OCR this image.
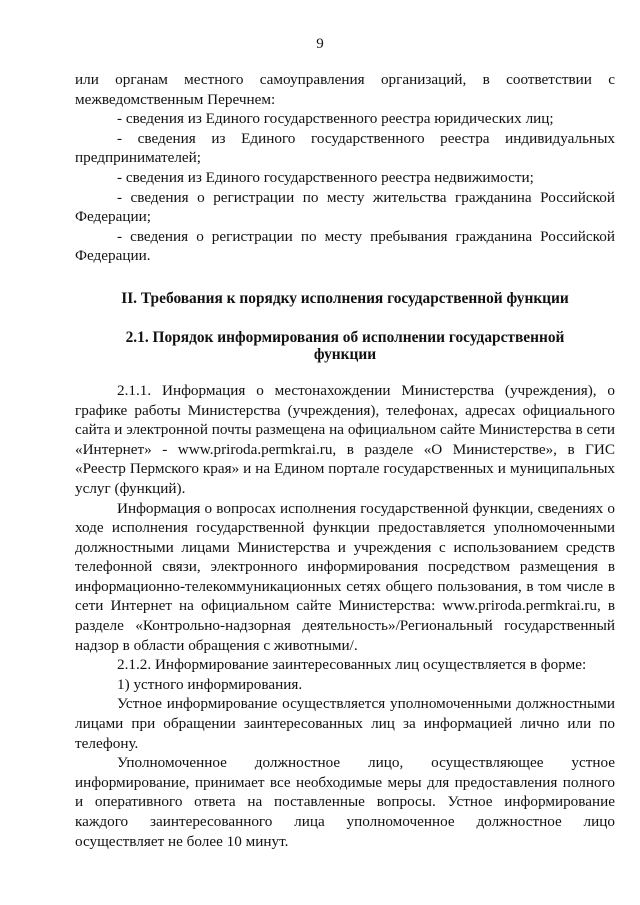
9

или органам местного самоуправления организаций, в соответствии с межведомственным Перечнем:

- сведения из Единого государственного реестра юридических лиц;

- сведения из Единого государственного реестра индивидуальных предпринимателей;

- сведения из Единого государственного реестра недвижимости;

- сведения о регистрации по месту жительства гражданина Российской Федерации;

- сведения о регистрации по месту пребывания гражданина Российской Федерации.

II. Требования к порядку исполнения государственной функции

2.1. Порядок информирования об исполнении государственной функции

2.1.1. Информация о местонахождении Министерства (учреждения), о графике работы Министерства (учреждения), телефонах, адресах официального сайта и электронной почты размещена на официальном сайте Министерства в сети «Интернет» - www.priroda.permkrai.ru, в разделе «О Министерстве», в ГИС «Реестр Пермского края» и на Едином портале государственных и муниципальных услуг (функций).

Информация о вопросах исполнения государственной функции, сведениях о ходе исполнения государственной функции предоставляется уполномоченными должностными лицами Министерства и учреждения с использованием средств телефонной связи, электронного информирования посредством размещения в информационно-телекоммуникационных сетях общего пользования, в том числе в сети Интернет на официальном сайте Министерства: www.priroda.permkrai.ru, в разделе «Контрольно-надзорная деятельность»/Региональный государственный надзор в области обращения с животными/.

2.1.2. Информирование заинтересованных лиц осуществляется в форме:

1) устного информирования.

Устное информирование осуществляется уполномоченными должностными лицами при обращении заинтересованных лиц за информацией лично или по телефону.

Уполномоченное должностное лицо, осуществляющее устное информирование, принимает все необходимые меры для предоставления полного и оперативного ответа на поставленные вопросы. Устное информирование каждого заинтересованного лица уполномоченное должностное лицо осуществляет не более 10 минут.
